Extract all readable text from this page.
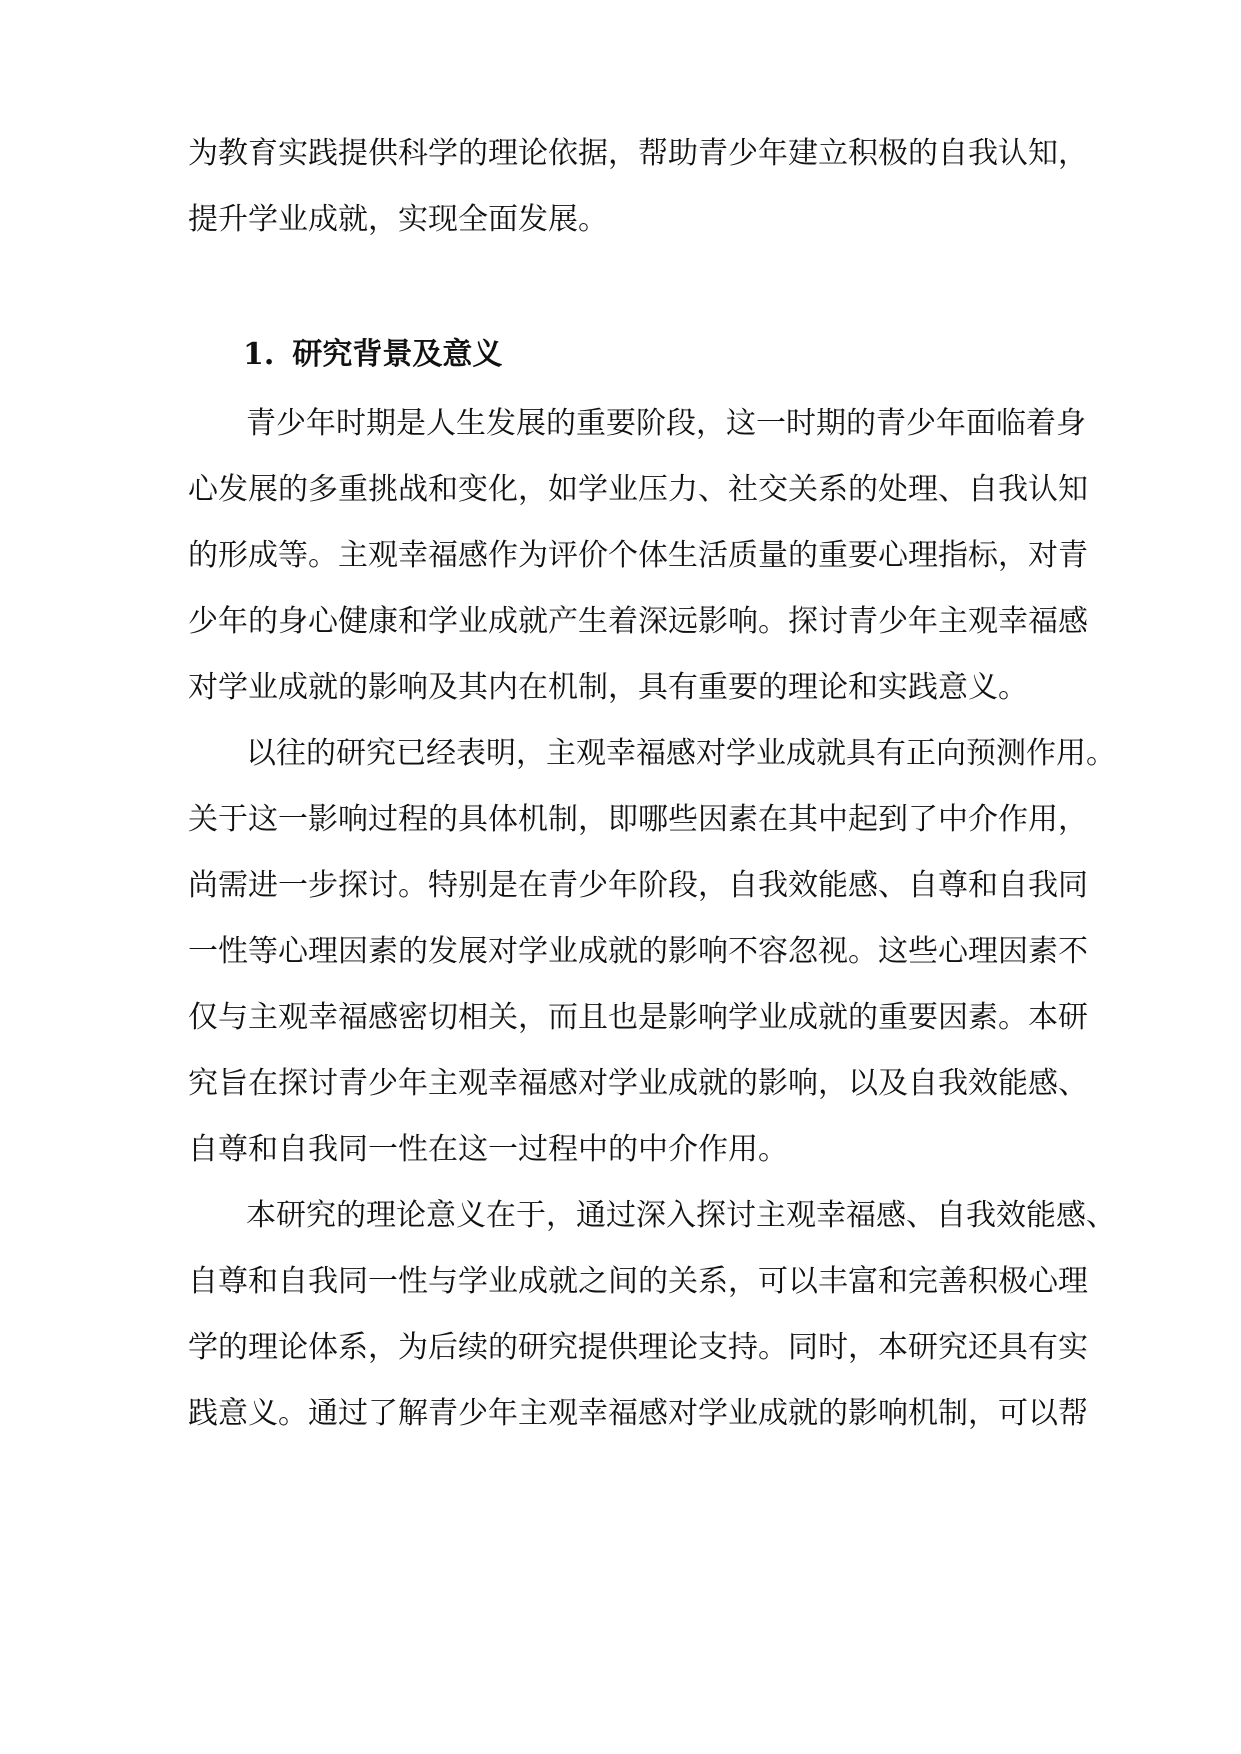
为教育实践提供科学的理论依据，帮助青少年建立积极的自我认知，
提升学业成就，实现全面发展。
1. 研究背景及意义
青少年时期是人生发展的重要阶段，这一时期的青少年面临着身
心发展的多重挑战和变化，如学业压力、社交关系的处理、自我认知
的形成等。主观幸福感作为评价个体生活质量的重要心理指标，对青
少年的身心健康和学业成就产生着深远影响。探讨青少年主观幸福感
对学业成就的影响及其内在机制，具有重要的理论和实践意义。
以往的研究已经表明，主观幸福感对学业成就具有正向预测作用。
关于这一影响过程的具体机制，即哪些因素在其中起到了中介作用，
尚需进一步探讨。特别是在青少年阶段，自我效能感、自尊和自我同
一性等心理因素的发展对学业成就的影响不容忽视。这些心理因素不
仅与主观幸福感密切相关，而且也是影响学业成就的重要因素。本研
究旨在探讨青少年主观幸福感对学业成就的影响，以及自我效能感、
自尊和自我同一性在这一过程中的中介作用。
本研究的理论意义在于，通过深入探讨主观幸福感、自我效能感、
自尊和自我同一性与学业成就之间的关系，可以丰富和完善积极心理
学的理论体系，为后续的研究提供理论支持。同时，本研究还具有实
践意义。通过了解青少年主观幸福感对学业成就的影响机制，可以帮
